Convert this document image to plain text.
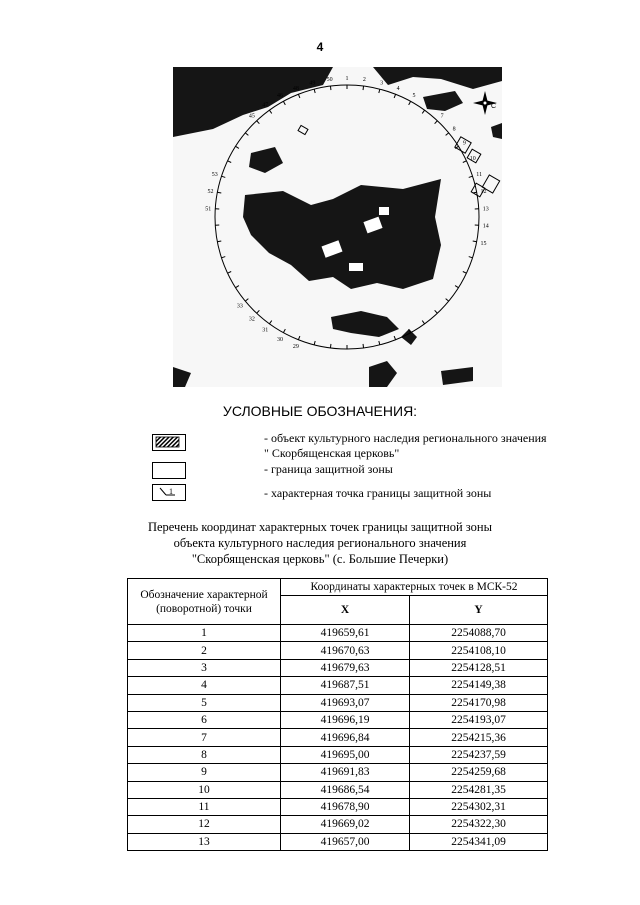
4
1 2
3
4
5
6
7
8
9
10
11
12
13
14
15
30
29
31
32
33
45
48
49
50
51
52
53
47
46
C
УСЛОВНЫЕ ОБОЗНАЧЕНИЯ:
- объект культурного наследия регионального значения " Скорбященская церковь"
- граница защитной зоны
1	- характерная точка границы защитной зоны
Перечень координат характерных точек границы защитной зоны
объекта культурного наследия регионального значения
"Скорбященская церковь" (с. Большие Печерки)
Обозначение характерной (поворотной) точки	Координаты характерных точек в МСК-52	
	X	Y
1	419659,61	2254088,70
2	419670,63	2254108,10
3	419679,63	2254128,51
4	419687,51	2254149,38
5	419693,07	2254170,98
6	419696,19	2254193,07
7	419696,84	2254215,36
8	419695,00	2254237,59
9	419691,83	2254259,68
10	419686,54	2254281,35
11	419678,90	2254302,31
12	419669,02	2254322,30
13	419657,00	2254341,09
